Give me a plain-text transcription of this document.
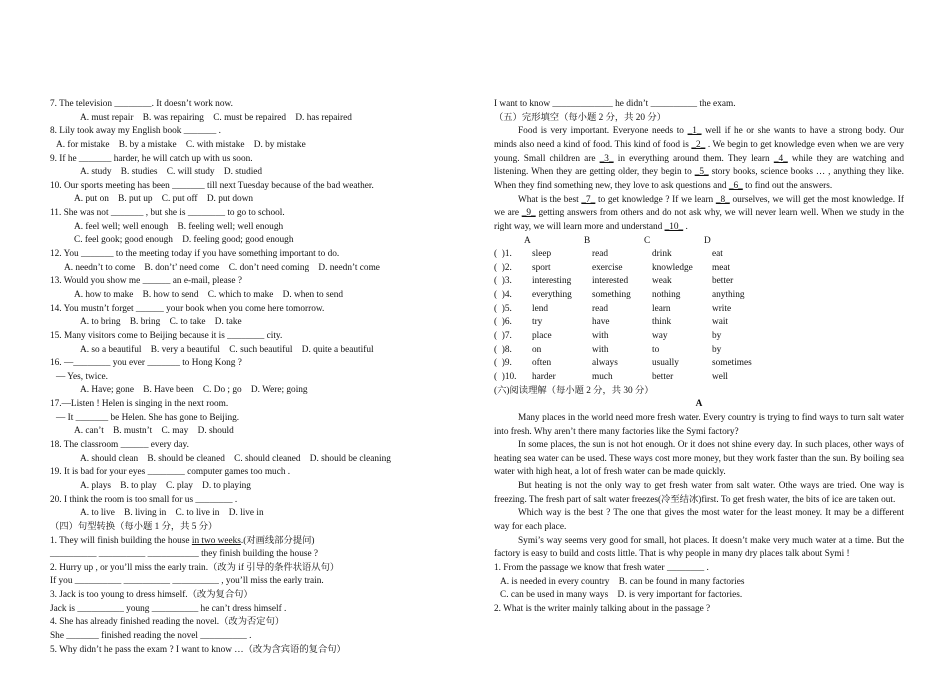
7. The television ________. It doesn’t work now.
A. must repair    B. was repairing    C. must be repaired    D. has repaired
8. Lily took away my English book _______ .
A. for mistake    B. by a mistake    C. with mistake    D. by mistake
9. If he _______ harder, he will catch up with us soon.
A. study    B. studies    C. will study    D. studied
10. Our sports meeting has been _______ till next Tuesday because of the bad weather.
A. put on    B. put up    C. put off    D. put down
11. She was not _______ , but she is ________ to go to school.
A. feel well; well enough    B. feeling well; well enough
C. feel gook; good enough    D. feeling good; good enough
12. You _______ to the meeting today if you have something important to do.
A. needn’t to come    B. don’t’ need come    C. don’t need coming    D. needn’t come
13. Would you show me ______ an e-mail, please ?
A. how to make    B. how to send    C. which to make    D. when to send
14. You mustn’t forget ______ your book when you come here tomorrow.
A. to bring    B. bring    C. to take    D. take
15. Many visitors come to Beijing because it is ________ city.
A. so a beautiful    B. very a beautiful    C. such beautiful    D. quite a beautiful
16. —________ you ever _______ to Hong Kong ?
— Yes, twice.
A. Have; gone    B. Have been    C. Do ; go    D. Were; going
17.—Listen ! Helen is singing in the next room.
— It _______ be Helen. She has gone to Beijing.
A. can’t    B. mustn’t    C. may    D. should
18. The classroom ______ every day.
A. should clean    B. should be cleaned    C. should cleaned    D. should be cleaning
19. It is bad for your eyes ________ computer games too much .
A. plays    B. to play    C. play    D. to playing
20. I think the room is too small for us ________ .
A. to live    B. living in    C. to live in    D. live in
（四）句型转换（每小题 1 分，共 5 分）
1. They will finish building the house in two weeks.(对画线部分提问)
__________ __________ ___________ they finish building the house ?
2. Hurry up , or you’ll miss the early train.（改为 if 引导的条件状语从句）
If you __________ __________ __________ , you’ll miss the early train.
3. Jack is too young to dress himself.（改为复合句）
Jack is __________ young __________ he can’t dress himself .
4. She has already finished reading the novel.（改为否定句）
She _______ finished reading the novel __________ .
5. Why didn’t he pass the exam ? I want to know …（改为含宾语的复合句）
I want to know _____________ he didn’t __________ the exam.
（五）完形填空（每小题 2 分，共 20 分）
Food is very important. Everyone needs to _1_ well if he or she wants to have a strong body. Our minds also need a kind of food. This kind of food is _2_ . We begin to get knowledge even when we are very young. Small children are _3_ in everything around them. They learn _4_ while they are watching and listening. When they are getting older, they begin to _5_ story books, science books … , anything they like. When they find something new, they love to ask questions and _6_ to find out the answers.
What is the best _7_ to get knowledge ? If we learn _8_ ourselves, we will get the most knowledge. If we are _9_ getting answers from others and do not ask why, we will never learn well. When we study in the right way, we will learn more and understand _10_ .
A	B	C	D
(  )1.	sleep	read	drink	eat
(  )2.	sport	exercise	knowledge	meat
(  )3.	interesting	interested	weak	better
(  )4.	everything	something	nothing	anything
(  )5.	lend	read	learn	write
(  )6.	try	have	think	wait
(  )7.	place	with	way	by
(  )8.	on	with	to	by
(  )9.	often	always	usually	sometimes
(  )10.	harder	much	better	well
(六)阅读理解（每小题 2 分，共 30 分）
A
Many places in the world need more fresh water. Every country is trying to find ways to turn salt water into fresh. Why aren’t there many factories like the Symi factory?
In some places, the sun is not hot enough. Or it does not shine every day. In such places, other ways of heating sea water can be used. These ways cost more money, but they work faster than the sun. By boiling sea water with high heat, a lot of fresh water can be made quickly.
But heating is not the only way to get fresh water from salt water. Othe ways are tried. One way is freezing. The fresh part of salt water freezes(冷至结冰)first. To get fresh water, the bits of ice are taken out.
Which way is the best ? The one that gives the most water for the least money. It may be a different way for each place.
Symi’s way seems very good for small, hot places. It doesn’t make very much water at a time. But the factory is easy to build and costs little. That is why people in many dry places talk about Symi !
1. From the passage we know that fresh water ________ .
A. is needed in every country    B. can be found in many factories
C. can be used in many ways    D. is very important for factories.
2. What is the writer mainly talking about in the passage ?
